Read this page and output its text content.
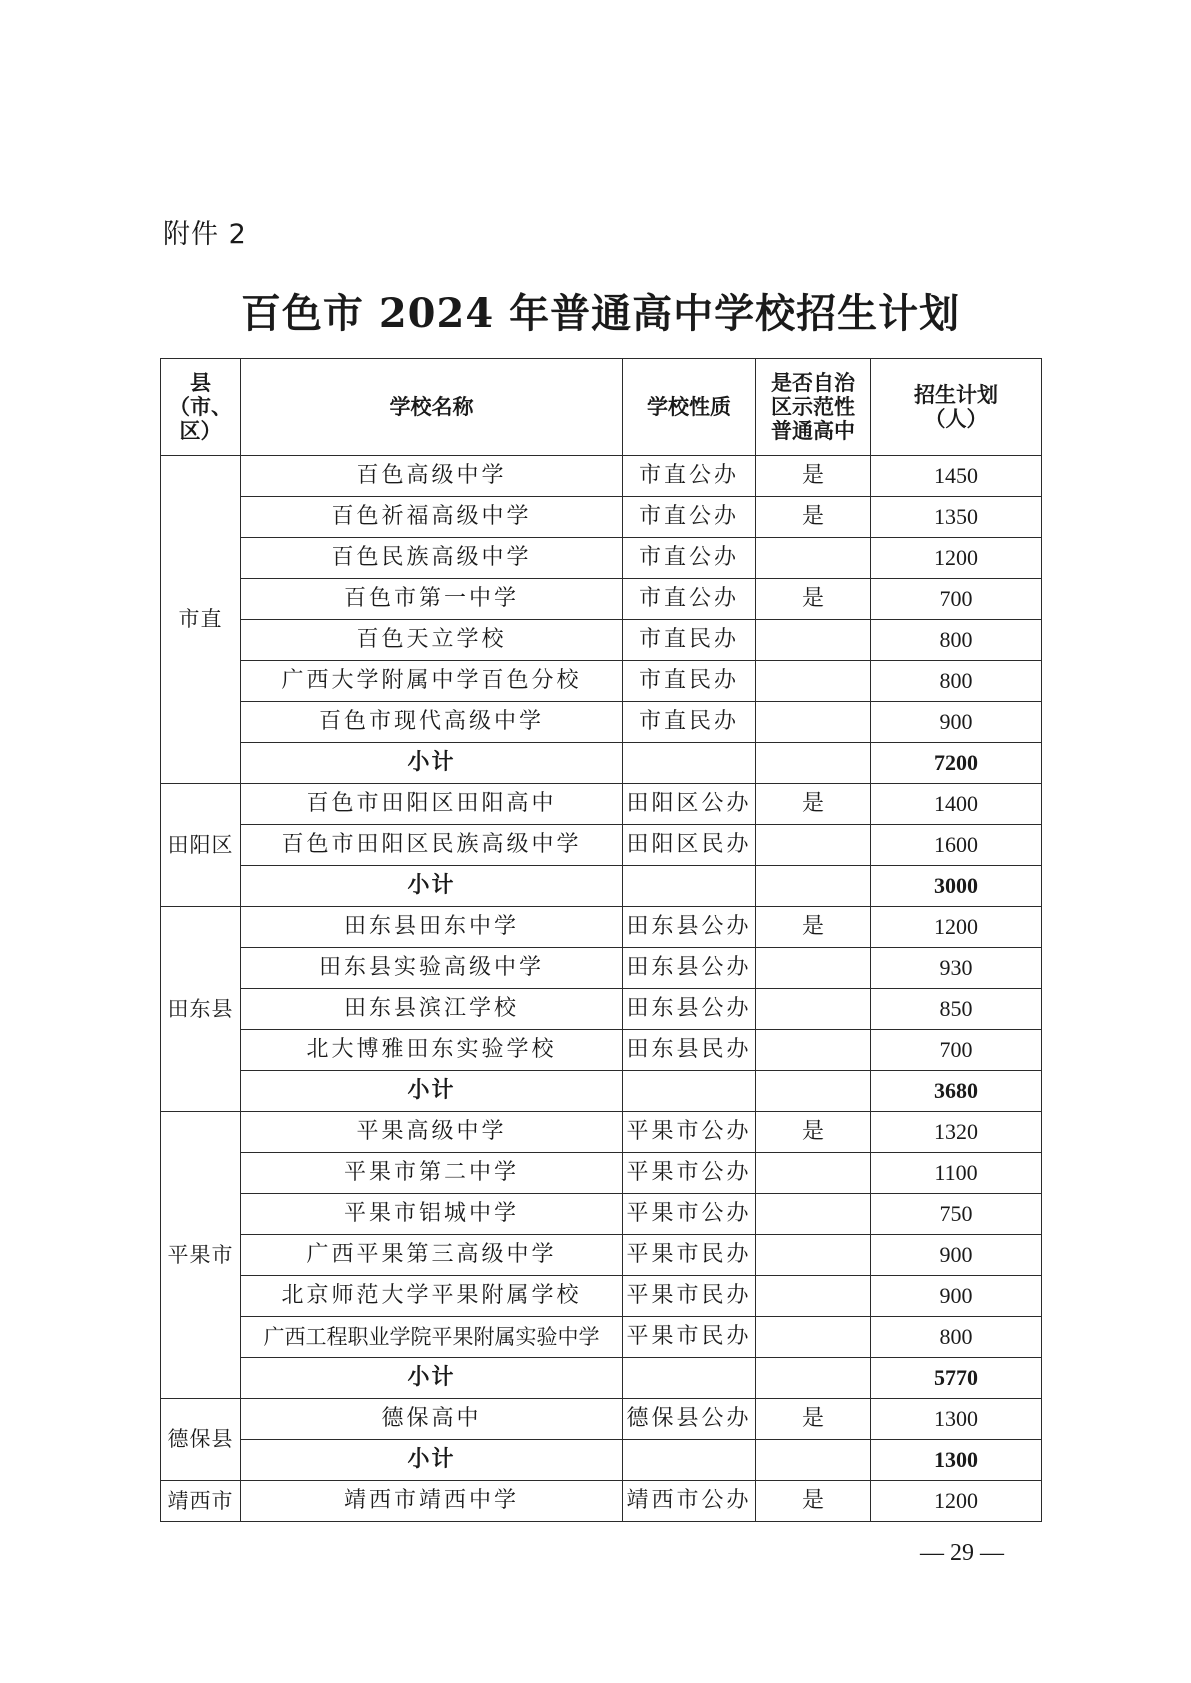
附件 2
百色市 2024 年普通高中学校招生计划
县（市、区）	学校名称	学校性质	是否自治区示范性普通高中	招生计划（人）
市直	百色高级中学	市直公办	是	1450
	百色祈福高级中学	市直公办	是	1350
	百色民族高级中学	市直公办		1200
	百色市第一中学	市直公办	是	700
	百色天立学校	市直民办		800
	广西大学附属中学百色分校	市直民办		800
	百色市现代高级中学	市直民办		900
	小计			7200
田阳区	百色市田阳区田阳高中	田阳区公办	是	1400
	百色市田阳区民族高级中学	田阳区民办		1600
	小计			3000
田东县	田东县田东中学	田东县公办	是	1200
	田东县实验高级中学	田东县公办		930
	田东县滨江学校	田东县公办		850
	北大博雅田东实验学校	田东县民办		700
	小计			3680
平果市	平果高级中学	平果市公办	是	1320
	平果市第二中学	平果市公办		1100
	平果市铝城中学	平果市公办		750
	广西平果第三高级中学	平果市民办		900
	北京师范大学平果附属学校	平果市民办		900
	广西工程职业学院平果附属实验中学	平果市民办		800
	小计			5770
德保县	德保高中	德保县公办	是	1300
	小计			1300
靖西市	靖西市靖西中学	靖西市公办	是	1200
— 29 —
